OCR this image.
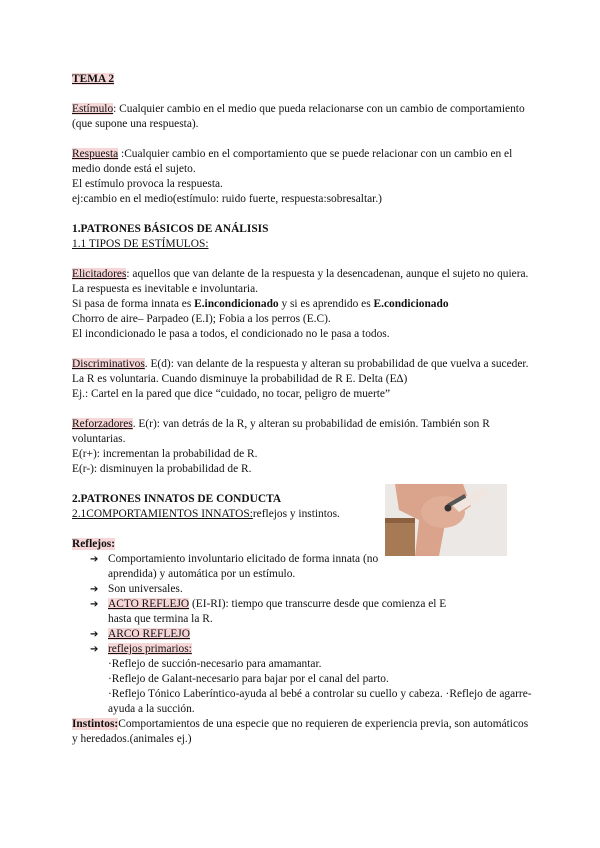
TEMA 2
Estímulo: Cualquier cambio en el medio que pueda relacionarse con un cambio de comportamiento (que supone una respuesta).
Respuesta :Cualquier cambio en el comportamiento que se puede relacionar con un cambio en el medio donde está el sujeto.
El estímulo provoca la respuesta.
ej:cambio en el medio(estímulo: ruido fuerte, respuesta:sobresaltar.)
1.PATRONES BÁSICOS DE ANÁLISIS
1.1 TIPOS DE ESTÍMULOS:
Elicitadores: aquellos que van delante de la respuesta y la desencadenan, aunque el sujeto no quiera. La respuesta es inevitable e involuntaria.
Si pasa de forma innata es E.incondicionado y si es aprendido es E.condicionado
Chorro de aire– Parpadeo (E.I); Fobia a los perros (E.C).
El incondicionado le pasa a todos, el condicionado no le pasa a todos.
Discriminativos. E(d): van delante de la respuesta y alteran su probabilidad de que vuelva a suceder.
La R es voluntaria. Cuando disminuye la probabilidad de R E. Delta (E∆)
Ej.: Cartel en la pared que dice “cuidado, no tocar, peligro de muerte”
Reforzadores. E(r): van detrás de la R, y alteran su probabilidad de emisión. También son R voluntarias.
E(r+): incrementan la probabilidad de R.
E(r-): disminuyen la probabilidad de R.
2.PATRONES INNATOS DE CONDUCTA
2.1COMPORTAMIENTOS INNATOS:reflejos y instintos.
Reflejos:
➔ Comportamiento involuntario elicitado de forma innata (no aprendida) y automática por un estímulo.
➔ Son universales.
➔ ACTO REFLEJO (EI-RI): tiempo que transcurre desde que comienza el E hasta que termina la R.
➔ ARCO REFLEJO
➔ reflejos primarios:
·Reflejo de succión-necesario para amamantar.
·Reflejo de Galant-necesario para bajar por el canal del parto.
·Reflejo Tónico Laberíntico-ayuda al bebé a controlar su cuello y cabeza. ·Reflejo de agarre-ayuda a la succión.
Instintos:Comportamientos de una especie que no requieren de experiencia previa, son automáticos y heredados.(animales ej.)
